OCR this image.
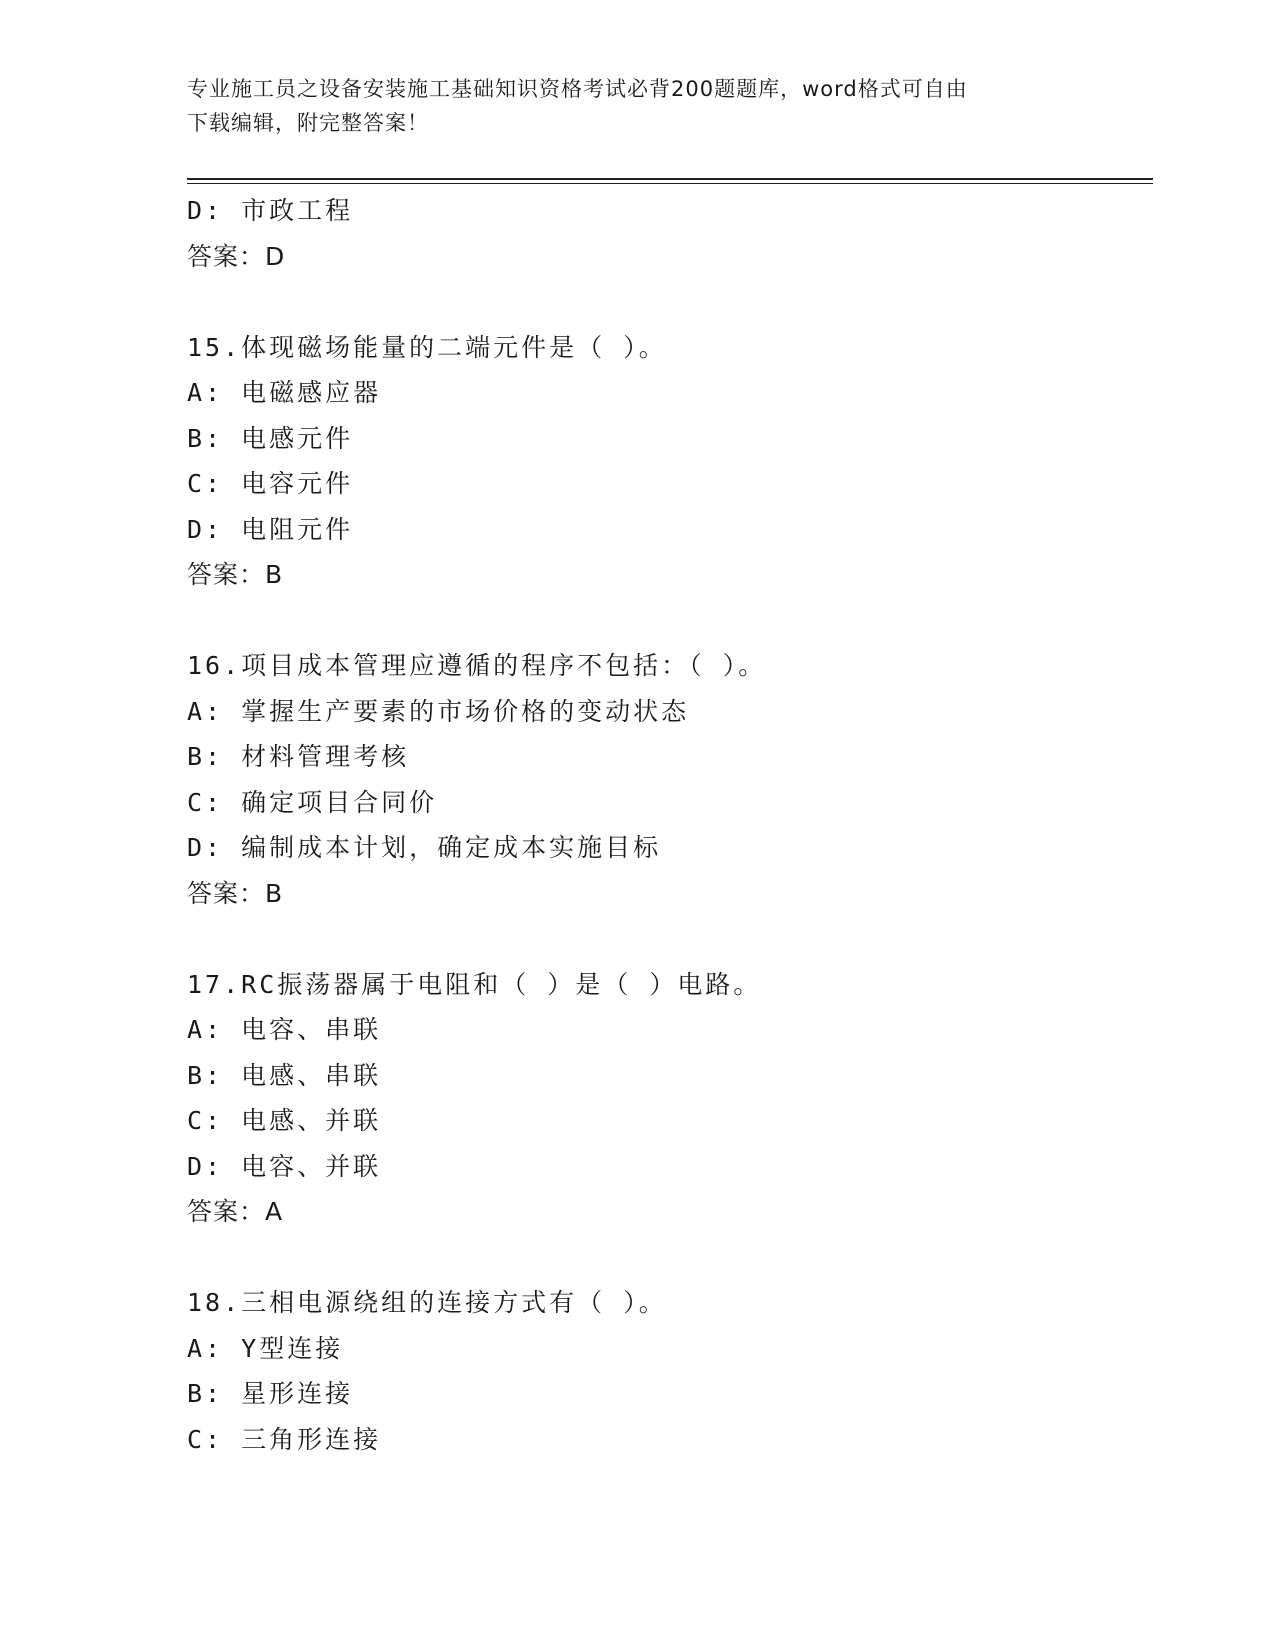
专业施工员之设备安装施工基础知识资格考试必背200题题库，word格式可自由
下载编辑，附完整答案！
D: 市政工程
答案：D
15.体现磁场能量的二端元件是（ ）。
A: 电磁感应器
B: 电感元件
C: 电容元件
D: 电阻元件
答案：B
16.项目成本管理应遵循的程序不包括：（ ）。
A: 掌握生产要素的市场价格的变动状态
B: 材料管理考核
C: 确定项目合同价
D: 编制成本计划，确定成本实施目标
答案：B
17.RC振荡器属于电阻和（ ）是（ ）电路。
A: 电容、串联
B: 电感、串联
C: 电感、并联
D: 电容、并联
答案：A
18.三相电源绕组的连接方式有（ ）。
A: Y型连接
B: 星形连接
C: 三角形连接
